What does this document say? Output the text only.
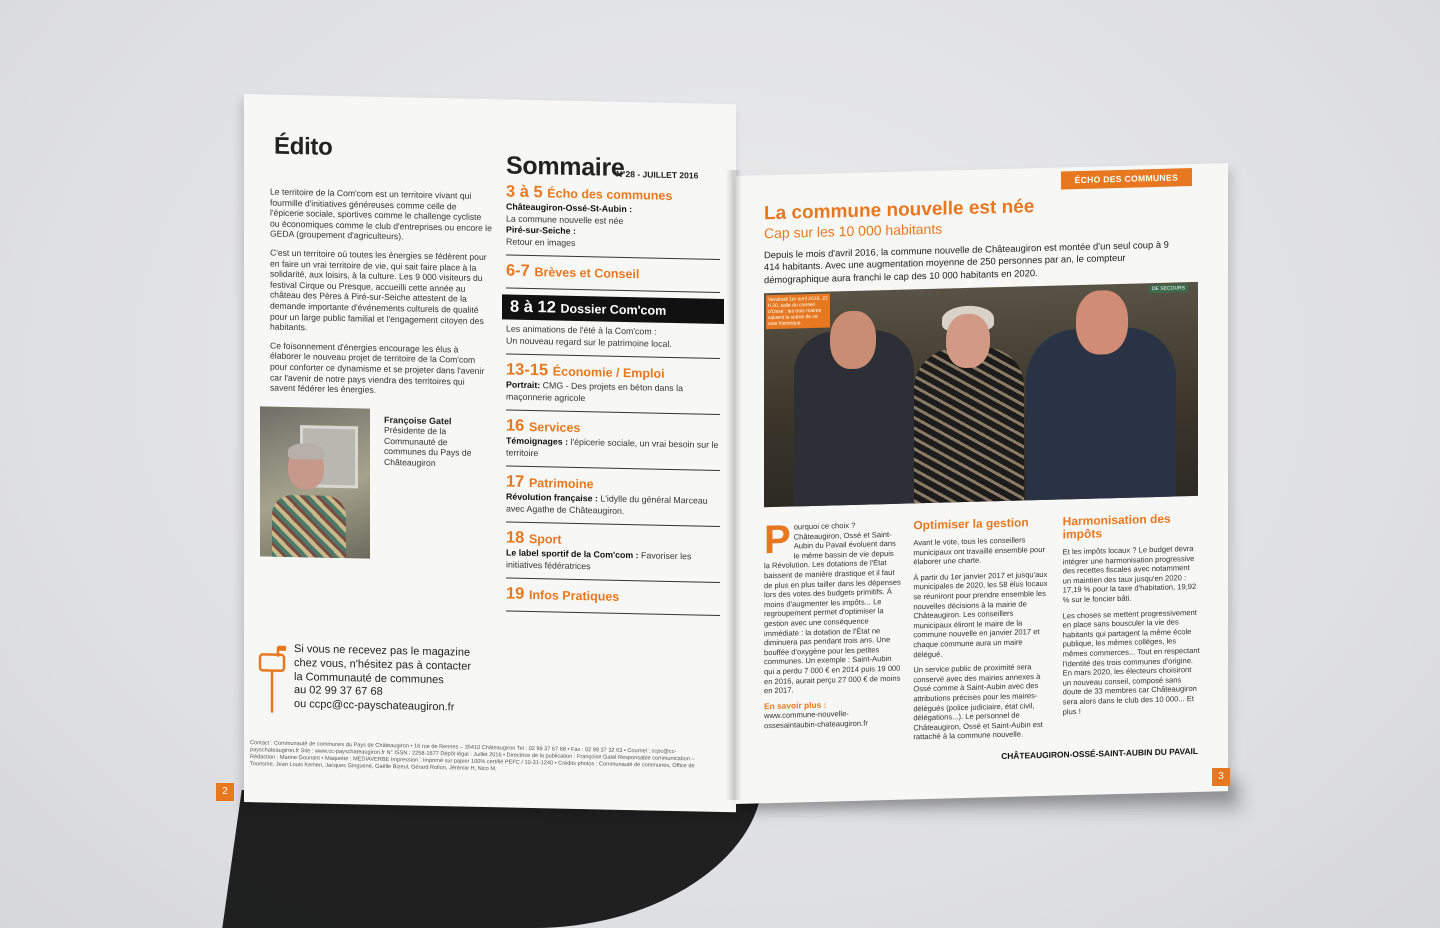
Édito

Le territoire de la Com'com est un territoire vivant qui fourmille d'initiatives généreuses comme celle de l'épicerie sociale, sportives comme le challenge cycliste ou économiques comme le club d'entreprises ou encore le GEDA (groupement d'agriculteurs).

C'est un territoire où toutes les énergies se fédèrent pour en faire un vrai territoire de vie, qui sait faire place à la solidarité, aux loisirs, à la culture. Les 9 000 visiteurs du festival Cirque ou Presque, accueilli cette année au château des Pères à Piré-sur-Seiche attestent de la demande importante d'événements culturels de qualité pour un large public familial et l'engagement citoyen des habitants.

Ce foisonnement d'énergies encourage les élus à élaborer le nouveau projet de territoire de la Com'com pour conforter ce dynamisme et se projeter dans l'avenir car l'avenir de notre pays viendra des territoires qui savent fédérer les énergies.

Françoise Gatel
Présidente de la Communauté de communes du Pays de Châteaugiron
Si vous ne recevez pas le magazine
chez vous, n'hésitez pas à contacter
la Communauté de communes
au 02 99 37 67 68
ou ccpc@cc-payschateaugiron.fr
Contact : Communauté de communes du Pays de Châteaugiron • 16 rue de Rennes – 35410 Châteaugiron Tel : 02 99 37 67 68 • Fax : 02 99 37 32 63 • Courriel : ccpc@cc-payschateaugiron.fr Site : www.cc-payschateaugiron.fr N° ISSN : 2258-1677 Dépôt légal : Juillet 2016 • Directrice de la publication : Françoise Gatel Responsable communication – Rédaction : Marine Gounant • Maquette : MEDIAVERBE Impression : Imprimé sur papier 100% certifié PEFC / 10-31-1240 • Crédits photos : Communauté de communes, Office de Tourisme, Jean Louis Kemen, Jacques Ginguené, Gaëlle Bizeul, Gérard Rollon, Jérémie H, Nico M.
Sommaire
N°28 - JUILLET 2016
3 à 5 Écho des communes
Châteaugiron-Ossé-St-Aubin :
La commune nouvelle est née
Piré-sur-Seiche :
Retour en images
6-7 Brèves et Conseil
8 à 12 Dossier Com'com
Les animations de l'été à la Com'com :
Un nouveau regard sur le patrimoine local.
13-15 Économie / Emploi
Portrait: CMG - Des projets en béton dans la maçonnerie agricole
16 Services
Témoignages : l'épicerie sociale, un vrai besoin sur le territoire
17 Patrimoine
Révolution française : L'idylle du général Marceau avec Agathe de Châteaugiron.
18 Sport
Le label sportif de la Com'com : Favoriser les initiatives fédératrices
19 Infos Pratiques
2
ÉCHO DES COMMUNES
La commune nouvelle est née
Cap sur les 10 000 habitants
Depuis le mois d'avril 2016, la commune nouvelle de Châteaugiron est montée d'un seul coup à 9 414 habitants. Avec une augmentation moyenne de 250 personnes par an, le compteur démographique aura franchi le cap des 10 000 habitants en 2020.
Vendredi 1er avril 2016, 22 h 30, salle du conseil d'Ossé : les trois maires saluent la scène de ce vote historique.
DE SECOURS
P ourquoi ce choix ? Châteaugiron, Ossé et Saint-Aubin du Pavail évoluent dans le même bassin de vie depuis la Révolution. Les dotations de l'État baissent de manière drastique et il faut de plus en plus tailler dans les dépenses lors des votes des budgets primitifs. À moins d'augmenter les impôts... Le regroupement permet d'optimiser la gestion avec une conséquence immédiate : la dotation de l'État ne diminuera pas pendant trois ans. Une bouffée d'oxygène pour les petites communes. Un exemple : Saint-Aubin qui a perdu 7 000 € en 2014 puis 19 000 en 2016, aurait perçu 27 000 € de moins en 2017.

En savoir plus :
www.commune-nouvelle-ossesaintaubin-chateaugiron.fr
Optimiser la gestion

Avant le vote, tous les conseillers municipaux ont travaillé ensemble pour élaborer une charte.

À partir du 1er janvier 2017 et jusqu'aux municipales de 2020, les 58 élus locaux se réuniront pour prendre ensemble les nouvelles décisions à la mairie de Châteaugiron. Les conseillers municipaux éliront le maire de la commune nouvelle en janvier 2017 et chaque commune aura un maire délégué.

Un service public de proximité sera conservé avec des mairies annexes à Ossé comme à Saint-Aubin avec des attributions précises pour les maires-délégués (police judiciaire, état civil, délégations...). Le personnel de Châteaugiron, Ossé et Saint-Aubin est rattaché à la commune nouvelle.

Harmonisation des impôts

Et les impôts locaux ? Le budget devra intégrer une harmonisation progressive des recettes fiscales avec notamment un maintien des taux jusqu'en 2020 : 17,19 % pour la taxe d'habitation, 19,92 % sur le foncier bâti.

Les choses se mettent progressivement en place sans bousculer la vie des habitants qui partagent la même école publique, les mêmes collèges, les mêmes commerces... Tout en respectant l'identité des trois communes d'origine. En mars 2020, les électeurs choisiront un nouveau conseil, composé sans doute de 33 membres car Châteaugiron sera alors dans le club des 10 000... Et plus !

CHÂTEAUGIRON-OSSÉ-SAINT-AUBIN DU PAVAIL
3
